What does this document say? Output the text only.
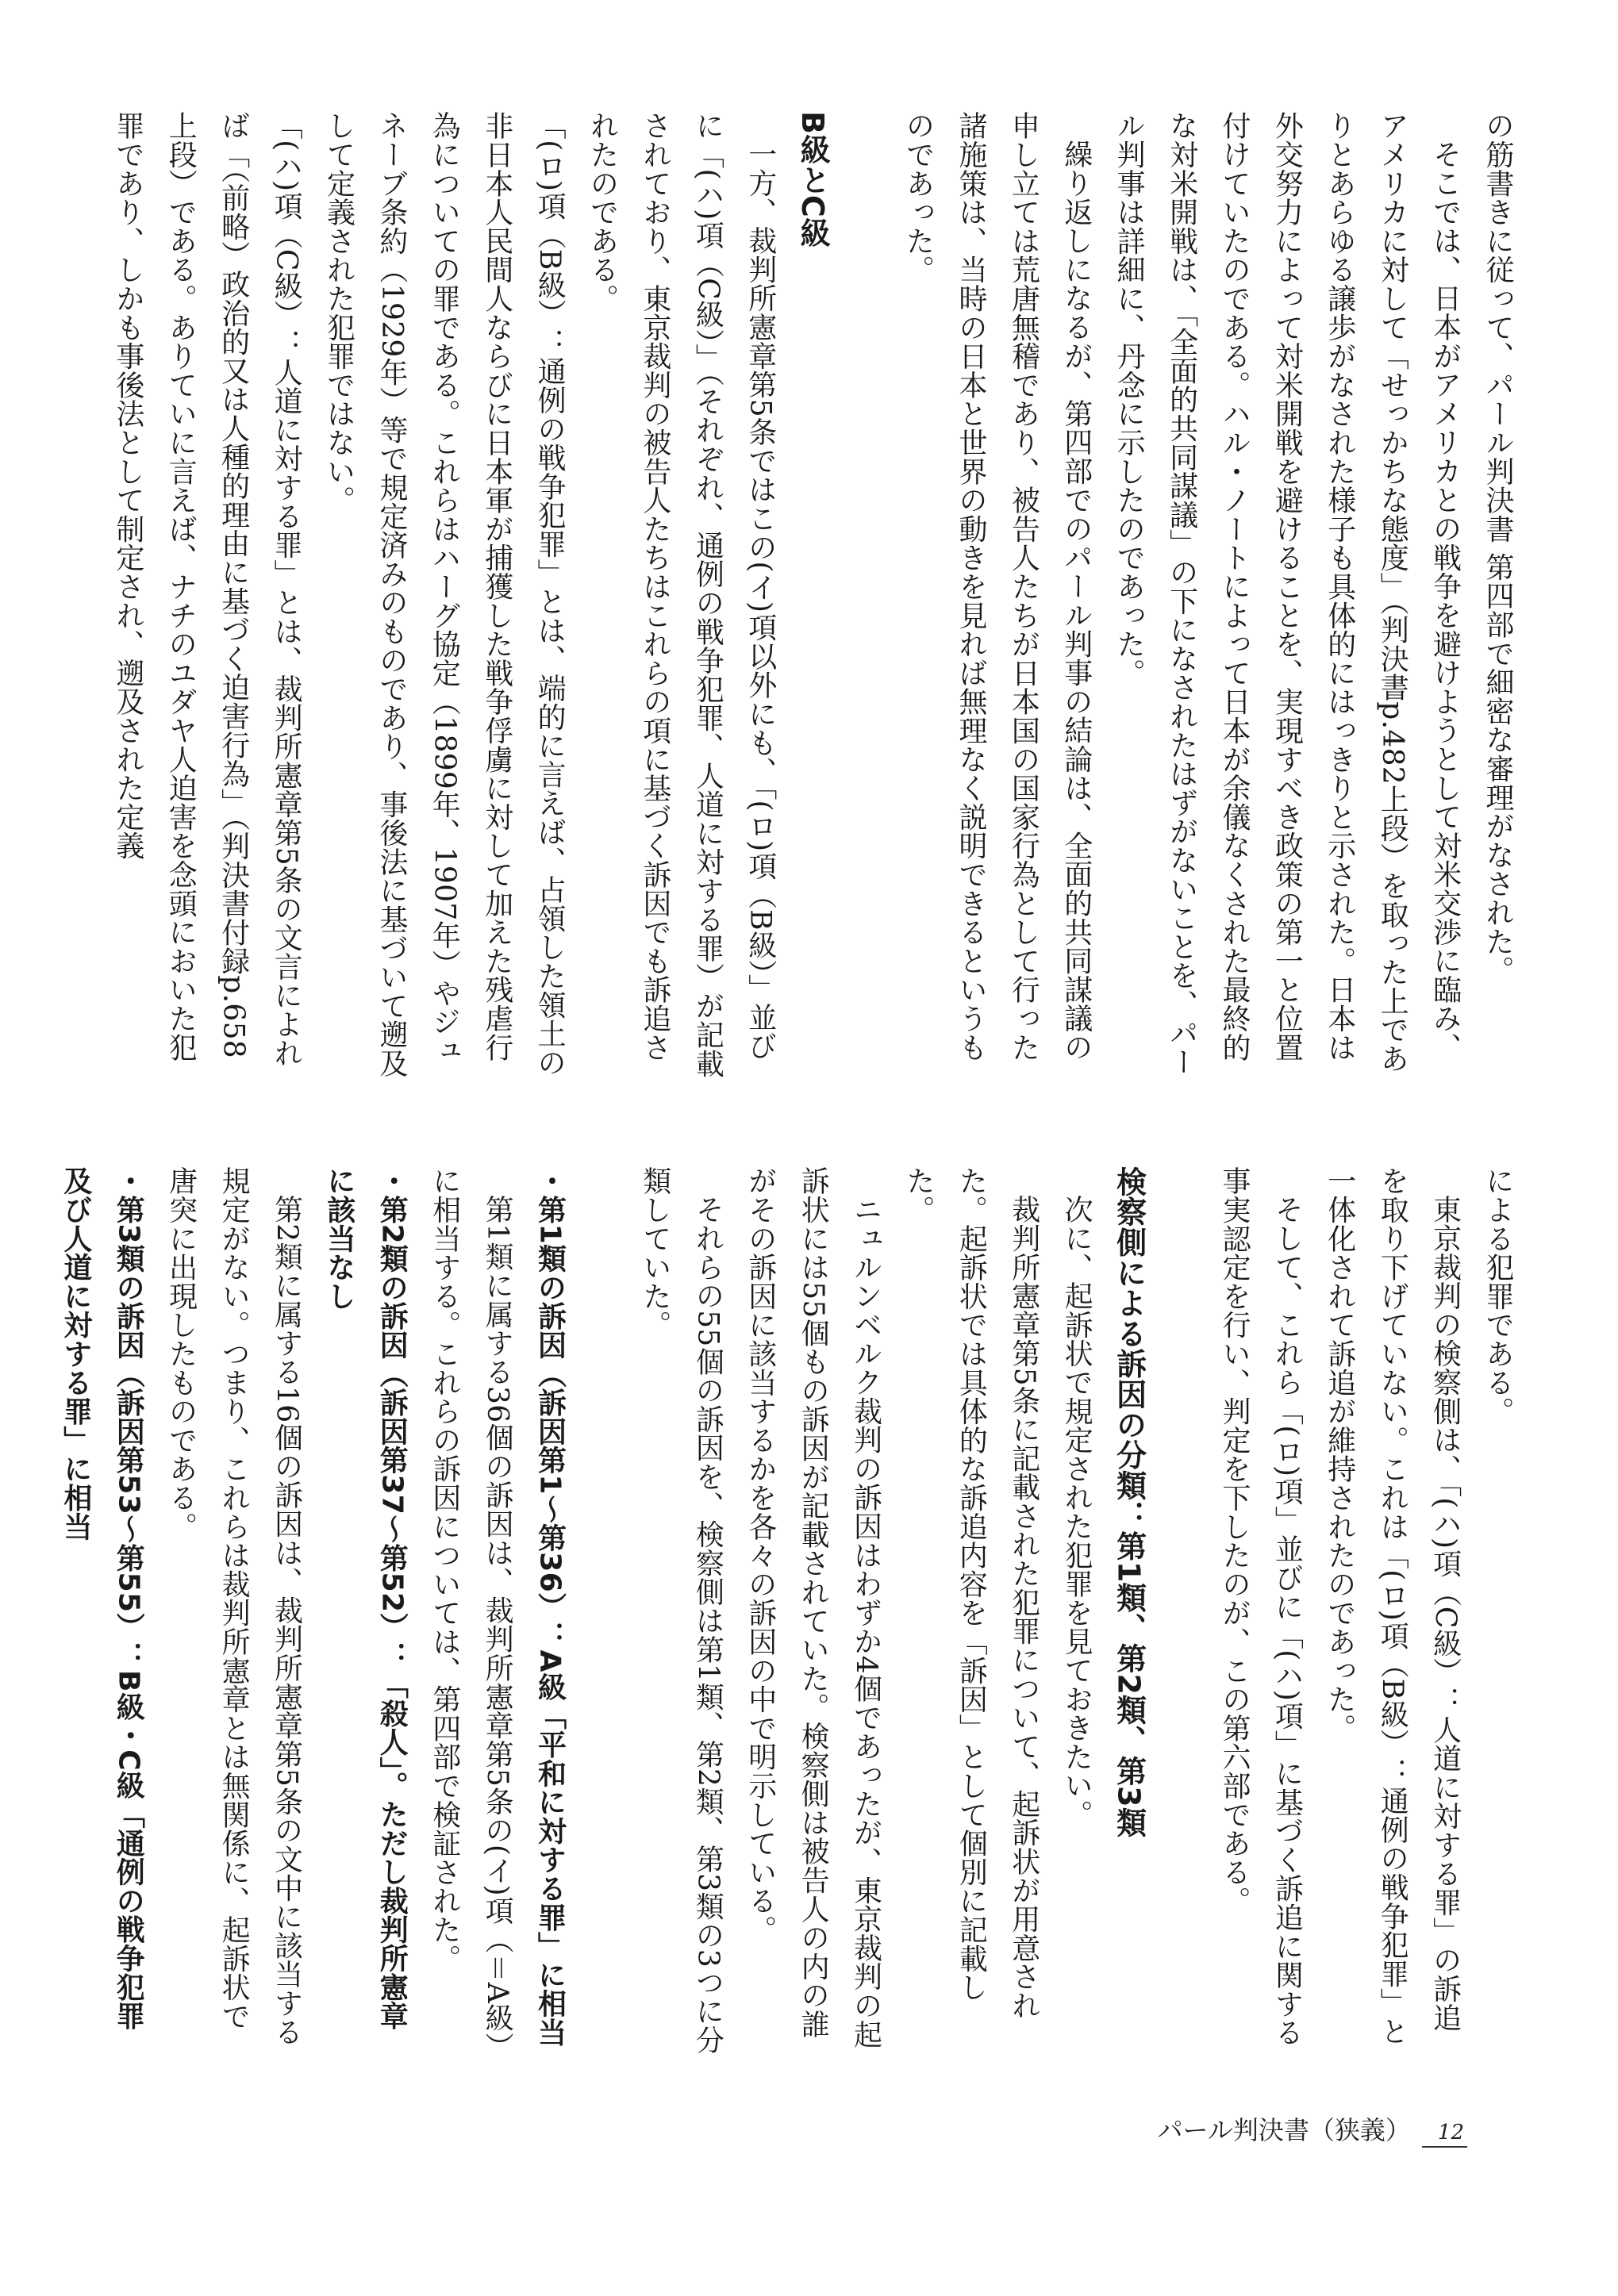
の筋書きに従って、パール判決書 第四部で細密な審理がなされた。

そこでは、日本がアメリカとの戦争を避けようとして対米交渉に臨み、アメリカに対して「せっかちな態度」（判決書p.482上段）を取った上でありとあらゆる譲歩がなされた様子も具体的にはっきりと示された。日本は外交努力によって対米開戦を避けることを、実現すべき政策の第一と位置付けていたのである。ハル・ノートによって日本が余儀なくされた最終的な対米開戦は、「全面的共同謀議」の下になされたはずがないことを、パール判事は詳細に、丹念に示したのであった。

繰り返しになるが、第四部でのパール判事の結論は、全面的共同謀議の申し立ては荒唐無稽であり、被告人たちが日本国の国家行為として行った諸施策は、当時の日本と世界の動きを見れば無理なく説明できるというものであった。

B級とC級

一方、裁判所憲章第5条ではこの(イ)項以外にも、「(ロ)項（B級）」並びに「(ハ)項（C級）」（それぞれ、通例の戦争犯罪、人道に対する罪）が記載されており、東京裁判の被告人たちはこれらの項に基づく訴因でも訴追されたのである。

「(ロ)項（B級）：通例の戦争犯罪」とは、端的に言えば、占領した領土の非日本人民間人ならびに日本軍が捕獲した戦争俘虜に対して加えた残虐行為についての罪である。これらはハーグ協定（1899年、1907年）やジュネーブ条約（1929年）等で規定済みのものであり、事後法に基づいて遡及して定義された犯罪ではない。

「(ハ)項（C級）：人道に対する罪」とは、裁判所憲章第5条の文言によれば「（前略）政治的又は人種的理由に基づく迫害行為」（判決書付録p.658上段）である。ありていに言えば、ナチのユダヤ人迫害を念頭においた犯罪であり、しかも事後法として制定され、遡及された定義

による犯罪である。

東京裁判の検察側は、「(ハ)項（C級）：人道に対する罪」の訴追を取り下げていない。これは「(ロ)項（B級）：通例の戦争犯罪」と一体化されて訴追が維持されたのであった。

そして、これら「(ロ)項」並びに「(ハ)項」に基づく訴追に関する事実認定を行い、判定を下したのが、この第六部である。

検察側による訴因の分類：第1類、第2類、第3類

次に、起訴状で規定された犯罪を見ておきたい。

裁判所憲章第5条に記載された犯罪について、起訴状が用意された。起訴状では具体的な訴追内容を「訴因」として個別に記載した。

ニュルンベルク裁判の訴因はわずか4個であったが、東京裁判の起訴状には55個もの訴因が記載されていた。検察側は被告人の内の誰がその訴因に該当するかを各々の訴因の中で明示している。

それらの55個の訴因を、検察側は第1類、第2類、第3類の3つに分類していた。

・第1類の訴因（訴因第1～第36）：A級「平和に対する罪」に相当

第1類に属する36個の訴因は、裁判所憲章第5条の(イ)項（＝A級）に相当する。これらの訴因については、第四部で検証された。

・第2類の訴因（訴因第37～第52）：「殺人」。ただし裁判所憲章に該当なし

第2類に属する16個の訴因は、裁判所憲章第5条の文中に該当する規定がない。つまり、これらは裁判所憲章とは無関係に、起訴状で唐突に出現したものである。

・第3類の訴因（訴因第53～第55）：B級・C級「通例の戦争犯罪及び人道に対する罪」に相当

パール判決書（狭義）	12
